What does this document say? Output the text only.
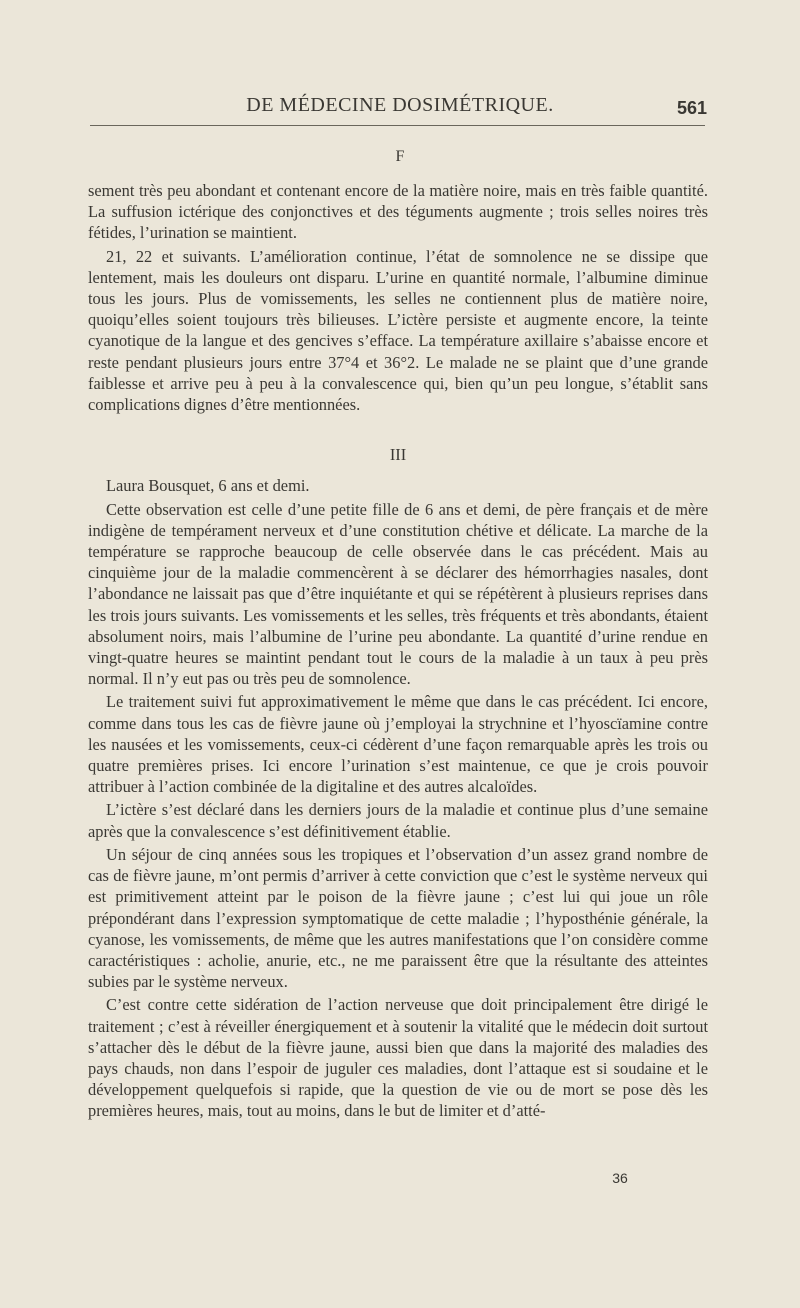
DE MÉDECINE DOSIMÉTRIQUE.	561
F

sement très peu abondant et contenant encore de la matière noire, mais en très faible quantité. La suffusion ictérique des conjonctives et des téguments augmente ; trois selles noires très fétides, l’urination se maintient.

21, 22 et suivants. L’amélioration continue, l’état de somnolence ne se dissipe que lentement, mais les douleurs ont disparu. L’urine en quantité normale, l’albumine diminue tous les jours. Plus de vomissements, les selles ne contiennent plus de matière noire, quoiqu’elles soient toujours très bilieuses. L’ictère persiste et augmente encore, la teinte cyanotique de la langue et des gencives s’efface. La température axillaire s’abaisse encore et reste pendant plusieurs jours entre 37°4 et 36°2. Le malade ne se plaint que d’une grande faiblesse et arrive peu à peu à la convalescence qui, bien qu’un peu longue, s’établit sans complications dignes d’être mentionnées.

III

Laura Bousquet, 6 ans et demi.

Cette observation est celle d’une petite fille de 6 ans et demi, de père français et de mère indigène de tempérament nerveux et d’une constitution chétive et délicate. La marche de la température se rapproche beaucoup de celle observée dans le cas précédent. Mais au cinquième jour de la maladie commencèrent à se déclarer des hémorrhagies nasales, dont l’abondance ne laissait pas que d’être inquiétante et qui se répétèrent à plusieurs reprises dans les trois jours suivants. Les vomissements et les selles, très fréquents et très abondants, étaient absolument noirs, mais l’albumine de l’urine peu abondante. La quantité d’urine rendue en vingt-quatre heures se maintint pendant tout le cours de la maladie à un taux à peu près normal. Il n’y eut pas ou très peu de somnolence.

Le traitement suivi fut approximativement le même que dans le cas précédent. Ici encore, comme dans tous les cas de fièvre jaune où j’employai la strychnine et l’hyoscïamine contre les nausées et les vomissements, ceux-ci cédèrent d’une façon remarquable après les trois ou quatre premières prises. Ici encore l’urination s’est maintenue, ce que je crois pouvoir attribuer à l’action combinée de la digitaline et des autres alcaloïdes.

L’ictère s’est déclaré dans les derniers jours de la maladie et continue plus d’une semaine après que la convalescence s’est définitivement établie.

Un séjour de cinq années sous les tropiques et l’observation d’un assez grand nombre de cas de fièvre jaune, m’ont permis d’arriver à cette conviction que c’est le système nerveux qui est primitivement atteint par le poison de la fièvre jaune ; c’est lui qui joue un rôle prépondérant dans l’expression symptomatique de cette maladie ; l’hyposthénie générale, la cyanose, les vomissements, de même que les autres manifestations que l’on considère comme caractéristiques : acholie, anurie, etc., ne me paraissent être que la résultante des atteintes subies par le système nerveux.

C’est contre cette sidération de l’action nerveuse que doit principalement être dirigé le traitement ; c’est à réveiller énergiquement et à soutenir la vitalité que le médecin doit surtout s’attacher dès le début de la fièvre jaune, aussi bien que dans la majorité des maladies des pays chauds, non dans l’espoir de juguler ces maladies, dont l’attaque est si soudaine et le développement quelquefois si rapide, que la question de vie ou de mort se pose dès les premières heures, mais, tout au moins, dans le but de limiter et d’atté-

36
